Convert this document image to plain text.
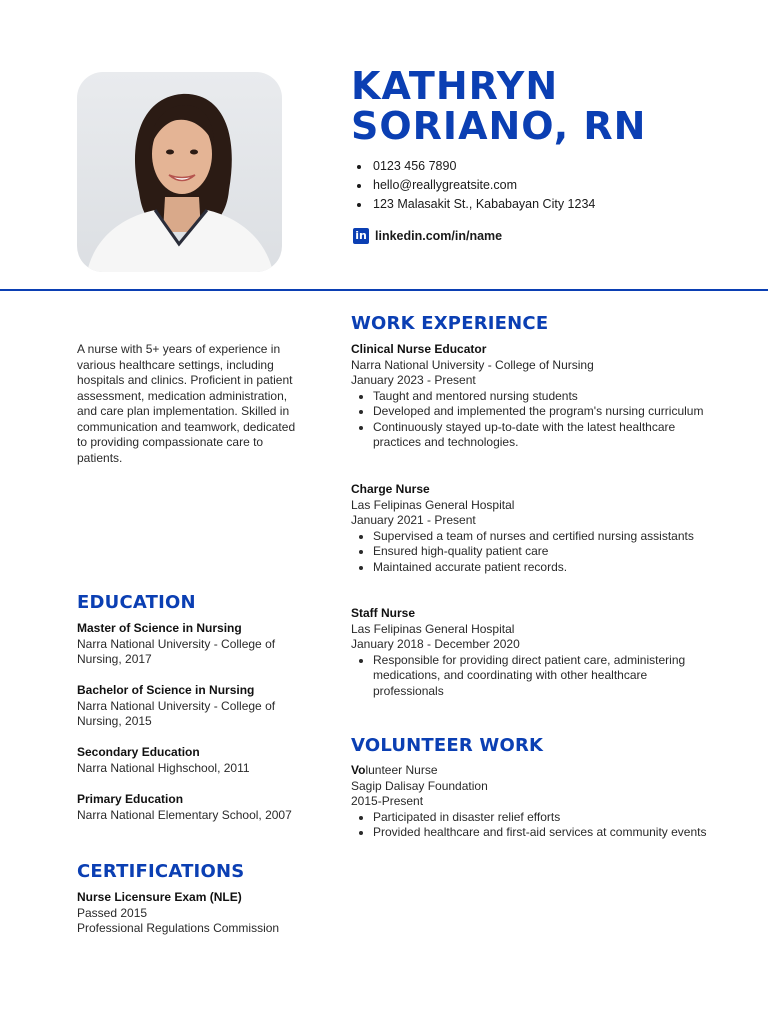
KATHRYN
SORIANO, RN
0123 456 7890
hello@reallygreatsite.com
123 Malasakit St., Kababayan City 1234
in linkedin.com/in/name
A nurse with 5+ years of experience in various healthcare settings, including hospitals and clinics. Proficient in patient assessment, medication administration, and care plan implementation. Skilled in communication and teamwork, dedicated to providing compassionate care to patients.
EDUCATION
Master of Science in Nursing
Narra National University - College of
Nursing, 2017
Bachelor of Science in Nursing
Narra National University - College of
Nursing, 2015
Secondary Education
Narra National Highschool, 2011
Primary Education
Narra National Elementary School, 2007
CERTIFICATIONS
Nurse Licensure Exam (NLE)
Passed 2015
Professional Regulations Commission
WORK EXPERIENCE
Clinical Nurse Educator
Narra National University - College of Nursing
January 2023 - Present
Taught and mentored nursing students
Developed and implemented the program's nursing curriculum
Continuously stayed up-to-date with the latest healthcare practices and technologies.
Charge Nurse
Las Felipinas General Hospital
January 2021 - Present
Supervised a team of nurses and certified nursing assistants
Ensured high-quality patient care
Maintained accurate patient records.
Staff Nurse
Las Felipinas General Hospital
January 2018 - December 2020
Responsible for providing direct patient care, administering medications, and coordinating with other healthcare professionals
VOLUNTEER WORK
Volunteer Nurse
Sagip Dalisay Foundation
2015-Present
Participated in disaster relief efforts
Provided healthcare and first-aid services at community events
